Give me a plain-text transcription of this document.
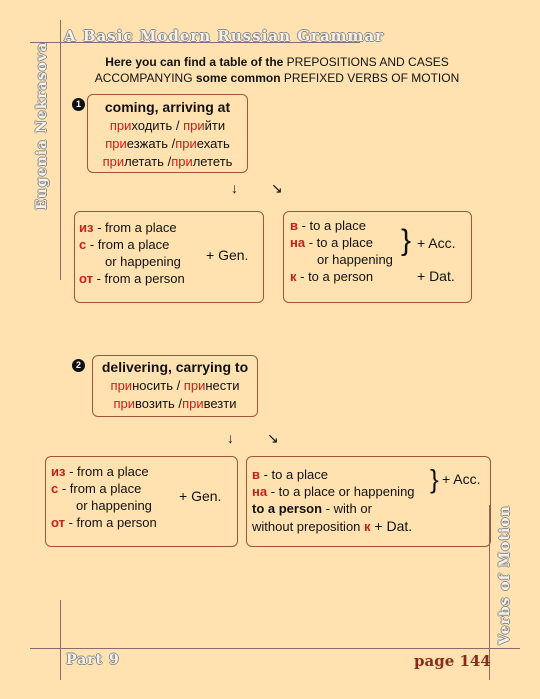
A Basic Modern Russian Grammar
Eugenia Nekrasova
Verbs of Motion
Part 9	page 144
Here you can find a table of the PREPOSITIONS AND CASES
ACCOMPANYING some common PREFIXED VERBS OF MOTION
1	coming, arriving at
приходить / прийти
приезжать /приехать
прилетать /прилететь
↓ ↘
из - from a place
с - from a place
or happening
от - from a person
+ Gen.
в - to a place
на - to a place
or happening
к - to a person
} + Acc.
+ Dat.
2	delivering, carrying to
приносить / принести
привозить /привезти
↓ ↘
из - from a place
с - from a place
or happening
от - from a person
+ Gen.
в - to a place
на - to a place or happening
to a person - with or
without preposition к + Dat.
} + Acc.
